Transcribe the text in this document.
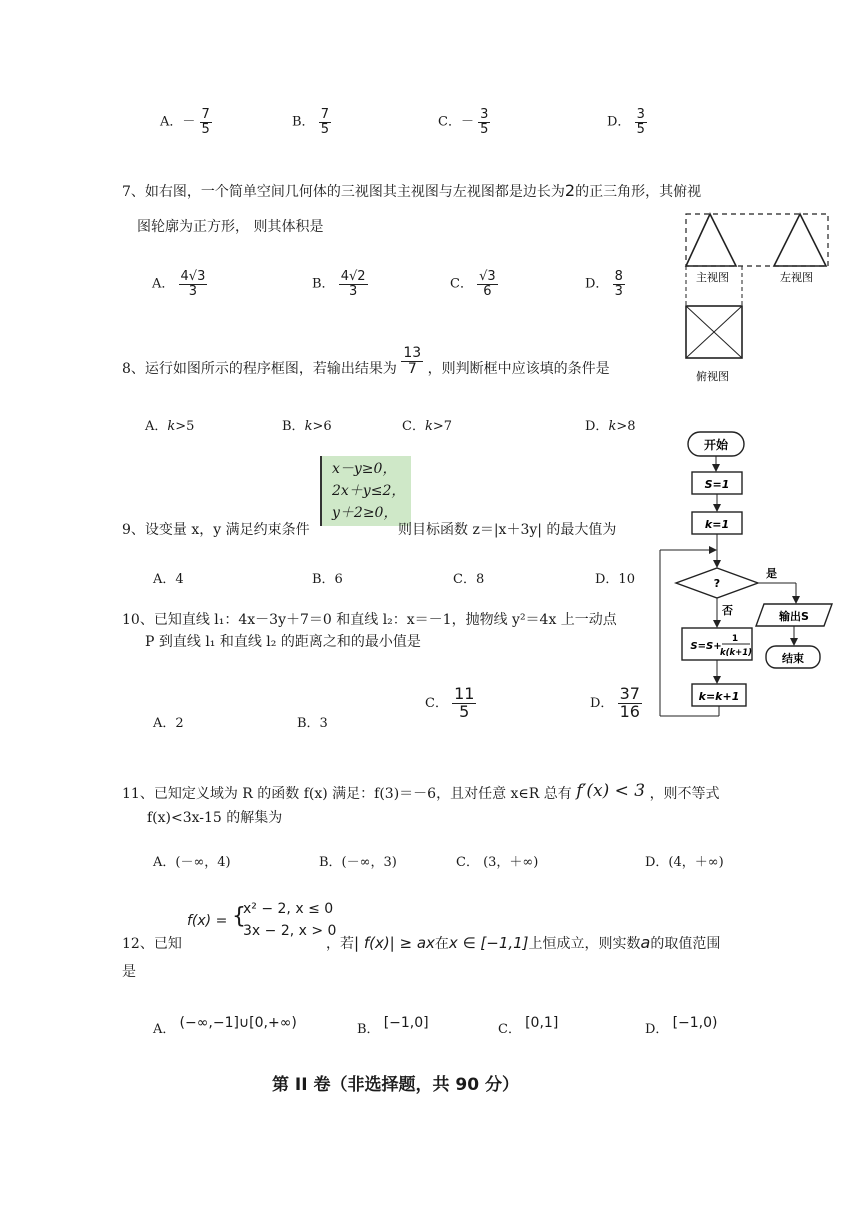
A．－ $\frac{7}{5}$	B． $\frac{7}{5}$	C．－ $\frac{3}{5}$	D． $\frac{3}{5}$
7、如右图，一个简单空间几何体的三视图其主视图与左视图都是边长为2的正三角形，其俯视
图轮廓为正方形， 则其体积是
A． $\frac{4√3}{3}$	B． $\frac{4√2}{3}$	C． $\frac{√3}{6}$	D． $\frac{8}{3}$	主视图	左视图
俯视图
8、运行如图所示的程序框图，若输出结果为 $\frac{13}{7}$ ，则判断框中应该填的条件是
A．k>5	B．k>6	C．k>7	D．k>8
开始
S=1
k=1
?
是
输出S
结束
否
S=S+
1
k(k+1)
k=k+1
x－y≥0，
2x＋y≤2，
y＋2≥0，
9、设变量 x，y 满足约束条件	则目标函数 z＝|x＋3y| 的最大值为
A．4	B．6	C．8	D．10
10、已知直线 l₁：4x－3y＋7＝0 和直线 l₂：x＝－1，抛物线 y²＝4x 上一动点
P 到直线 l₁ 和直线 l₂ 的距离之和的最小值是
A．2	B．3
C． $\frac{11}{5}$	D． $\frac{37}{16}$
11、已知定义域为 R 的函数 f(x) 满足：f(3)＝－6，且对任意 x∈R 总有 f′(x) < 3 ，则不等式
f(x)<3x-15 的解集为
A．(－∞，4)	B．(－∞，3)	C． (3，＋∞)	D．(4，＋∞)
f(x) = {
x² − 2, x ≤ 0
3x − 2, x > 0
12、已知	，若| f(x)| ≥ ax在x ∈ [−1,1]上恒成立，则实数a的取值范围
是
A． (−∞,−1]∪[0,+∞)	B． [−1,0]	C． [0,1]	D． [−1,0)
第 II 卷（非选择题，共 90 分）
